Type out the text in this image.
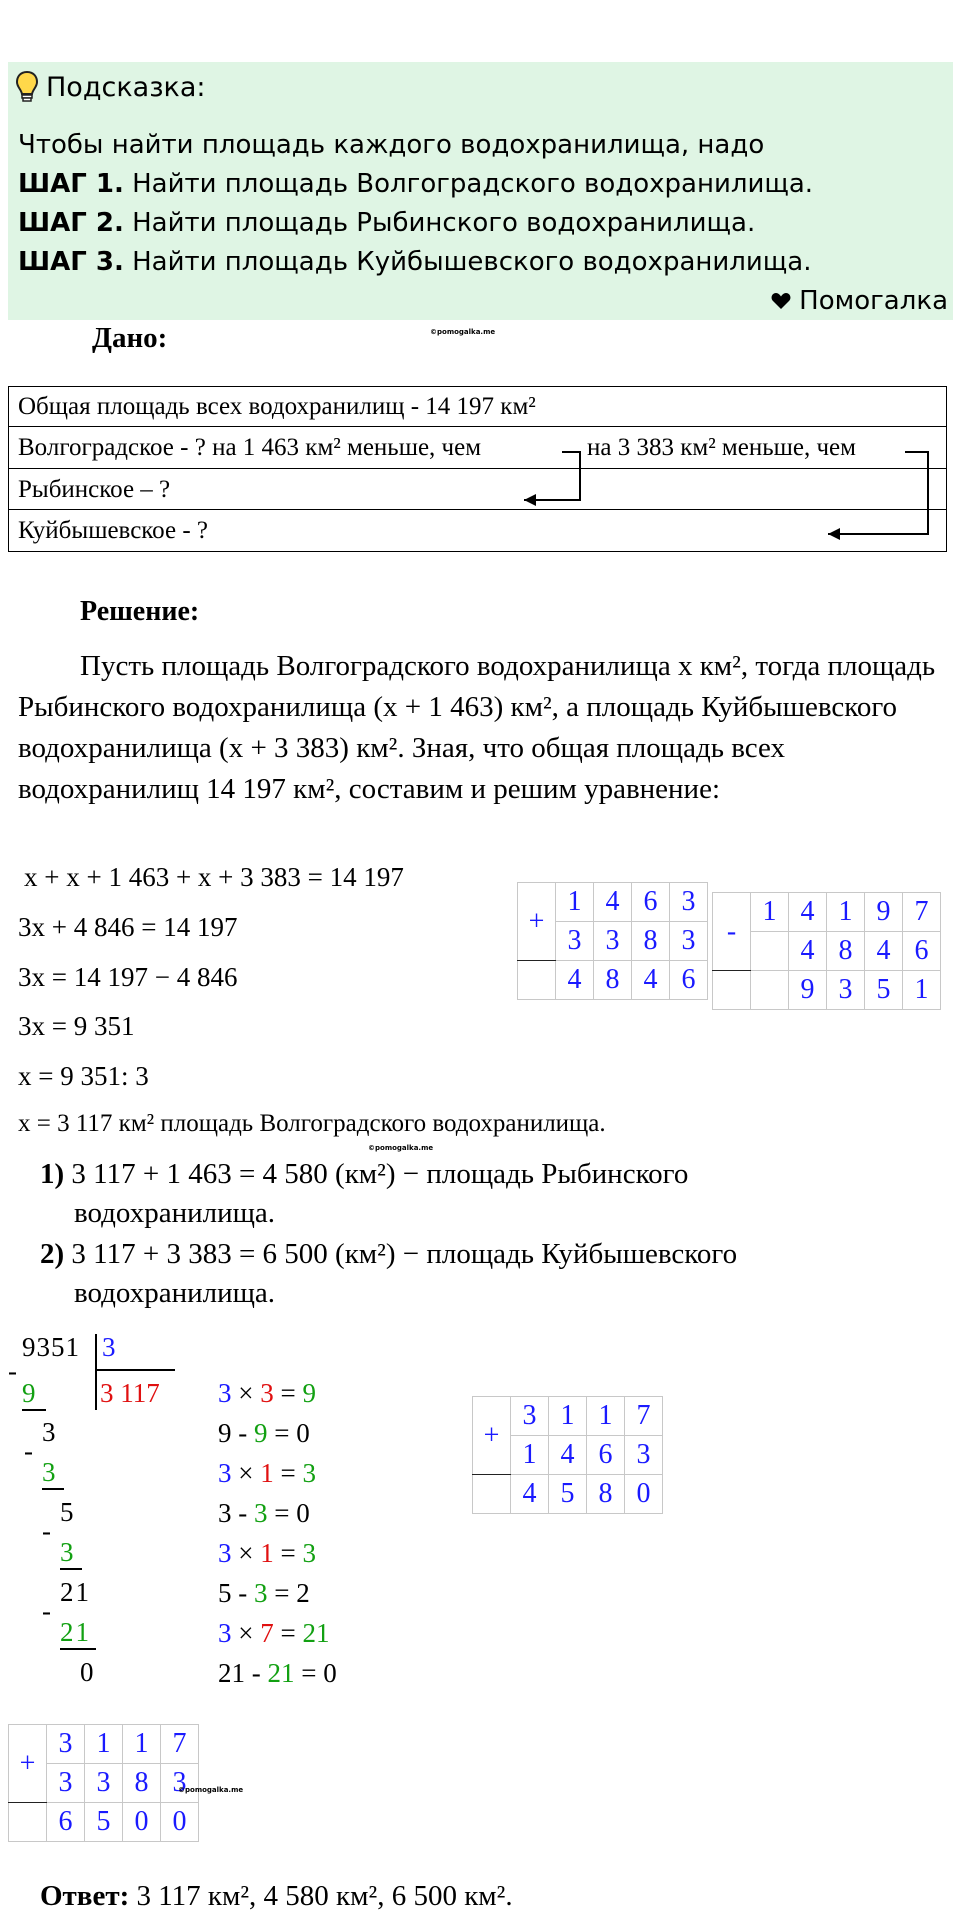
Подсказка:
Чтобы найти площадь каждого водохранилища, надо
ШАГ 1. Найти площадь Волгоградского водохранилища.
ШАГ 2. Найти площадь Рыбинского водохранилища.
ШАГ 3. Найти площадь Куйбышевского водохранилища.
Помогалка
Дано:	©pomogalka.me
Общая площадь всех водохранилищ - 14 197 км²
Волгоградское - ? на 1 463 км² меньше, чем	на 3 383 км² меньше, чем
Рыбинское – ?
Куйбышевское - ?
Решение:
Пусть площадь Волгоградского водохранилища x км², тогда площадь Рыбинского водохранилища (x + 1 463) км², а площадь Куйбышевского водохранилища (x + 3 383) км². Зная, что общая площадь всех водохранилищ 14 197 км², составим и решим уравнение:
x + x + 1 463 + x + 3 383 = 14 197
3x + 4 846 = 14 197
3x = 14 197 − 4 846
3x = 9 351
x = 9 351: 3
x = 3 117 км² площадь Волгоградского водохранилища.
+	1	4	6	3
	3	3	8	3
	4	8	4	6
-	1	4	1	9	7
		4	8	4	6
		9	3	5	1
©pomogalka.me
1) 3 117 + 1 463 = 4 580 (км²) − площадь Рыбинского
водохранилища.
2) 3 117 + 3 383 = 6 500 (км²) − площадь Куйбышевского
водохранилища.
9351 3
3 117
-
9
3
-
3
5
-
3
21
-
21
0
3 × 3 = 9
9 - 9 = 0
3 × 1 = 3
3 - 3 = 0
3 × 1 = 3
5 - 3 = 2
3 × 7 = 21
21 - 21 = 0
+	3	1	1	7
	1	4	6	3
	4	5	8	0
+	3	1	1	7
	3	3	8	3
	6	5	0	0
©pomogalka.me
Ответ: 3 117 км², 4 580 км², 6 500 км².
